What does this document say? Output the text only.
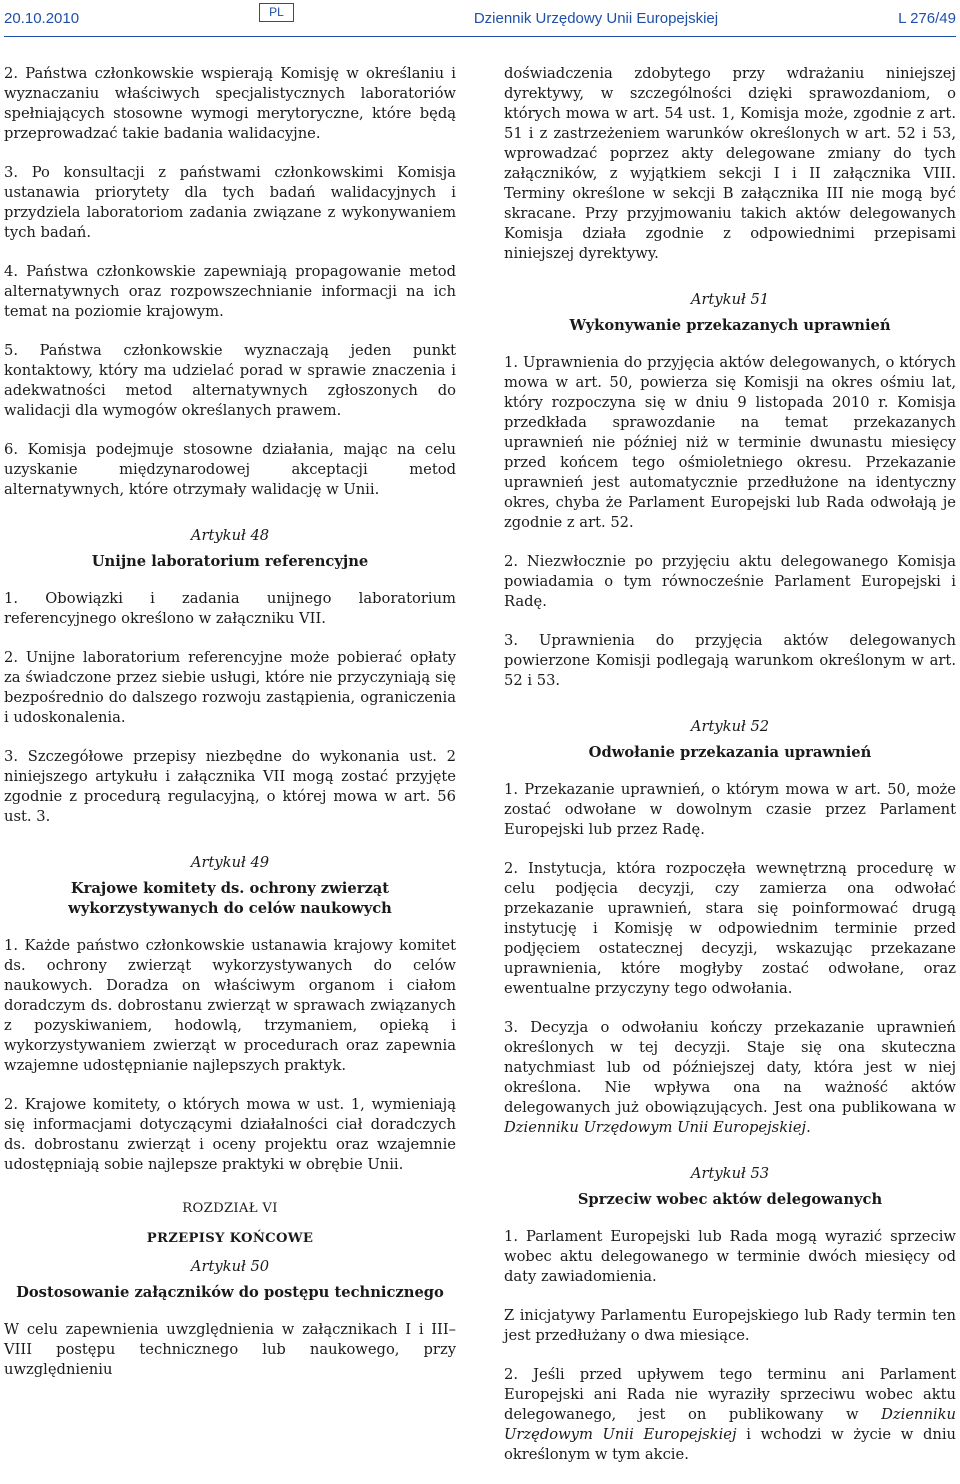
20.10.2010	PL	Dziennik Urzędowy Unii Europejskiej	L 276/49

2. Państwa członkowskie wspierają Komisję w określaniu i wyznaczaniu właściwych specjalistycznych laboratoriów spełniających stosowne wymogi merytoryczne, które będą przeprowadzać takie badania walidacyjne.

3. Po konsultacji z państwami członkowskimi Komisja ustanawia priorytety dla tych badań walidacyjnych i przydziela laboratoriom zadania związane z wykonywaniem tych badań.

4. Państwa członkowskie zapewniają propagowanie metod alternatywnych oraz rozpowszechnianie informacji na ich temat na poziomie krajowym.

5. Państwa członkowskie wyznaczają jeden punkt kontaktowy, który ma udzielać porad w sprawie znaczenia i adekwatności metod alternatywnych zgłoszonych do walidacji dla wymogów określanych prawem.

6. Komisja podejmuje stosowne działania, mając na celu uzyskanie międzynarodowej akceptacji metod alternatywnych, które otrzymały walidację w Unii.

Artykuł 48
Unijne laboratorium referencyjne

1. Obowiązki i zadania unijnego laboratorium referencyjnego określono w załączniku VII.

2. Unijne laboratorium referencyjne może pobierać opłaty za świadczone przez siebie usługi, które nie przyczyniają się bezpośrednio do dalszego rozwoju zastąpienia, ograniczenia i udoskonalenia.

3. Szczegółowe przepisy niezbędne do wykonania ust. 2 niniejszego artykułu i załącznika VII mogą zostać przyjęte zgodnie z procedurą regulacyjną, o której mowa w art. 56 ust. 3.

Artykuł 49
Krajowe komitety ds. ochrony zwierząt wykorzystywanych do celów naukowych

1. Każde państwo członkowskie ustanawia krajowy komitet ds. ochrony zwierząt wykorzystywanych do celów naukowych. Doradza on właściwym organom i ciałom doradczym ds. dobrostanu zwierząt w sprawach związanych z pozyskiwaniem, hodowlą, trzymaniem, opieką i wykorzystywaniem zwierząt w procedurach oraz zapewnia wzajemne udostępnianie najlepszych praktyk.

2. Krajowe komitety, o których mowa w ust. 1, wymieniają się informacjami dotyczącymi działalności ciał doradczych ds. dobrostanu zwierząt i oceny projektu oraz wzajemnie udostępniają sobie najlepsze praktyki w obrębie Unii.

ROZDZIAŁ VI
PRZEPISY KOŃCOWE
Artykuł 50
Dostosowanie załączników do postępu technicznego

W celu zapewnienia uwzględnienia w załącznikach I i III–VIII postępu technicznego lub naukowego, przy uwzględnieniu

doświadczenia zdobytego przy wdrażaniu niniejszej dyrektywy, w szczególności dzięki sprawozdaniom, o których mowa w art. 54 ust. 1, Komisja może, zgodnie z art. 51 i z zastrzeżeniem warunków określonych w art. 52 i 53, wprowadzać poprzez akty delegowane zmiany do tych załączników, z wyjątkiem sekcji I i II załącznika VIII. Terminy określone w sekcji B załącznika III nie mogą być skracane. Przy przyjmowaniu takich aktów delegowanych Komisja działa zgodnie z odpowiednimi przepisami niniejszej dyrektywy.

Artykuł 51
Wykonywanie przekazanych uprawnień

1. Uprawnienia do przyjęcia aktów delegowanych, o których mowa w art. 50, powierza się Komisji na okres ośmiu lat, który rozpoczyna się w dniu 9 listopada 2010 r. Komisja przedkłada sprawozdanie na temat przekazanych uprawnień nie później niż w terminie dwunastu miesięcy przed końcem tego ośmioletniego okresu. Przekazanie uprawnień jest automatycznie przedłużone na identyczny okres, chyba że Parlament Europejski lub Rada odwołają je zgodnie z art. 52.

2. Niezwłocznie po przyjęciu aktu delegowanego Komisja powiadamia o tym równocześnie Parlament Europejski i Radę.

3. Uprawnienia do przyjęcia aktów delegowanych powierzone Komisji podlegają warunkom określonym w art. 52 i 53.

Artykuł 52
Odwołanie przekazania uprawnień

1. Przekazanie uprawnień, o którym mowa w art. 50, może zostać odwołane w dowolnym czasie przez Parlament Europejski lub przez Radę.

2. Instytucja, która rozpoczęła wewnętrzną procedurę w celu podjęcia decyzji, czy zamierza ona odwołać przekazanie uprawnień, stara się poinformować drugą instytucję i Komisję w odpowiednim terminie przed podjęciem ostatecznej decyzji, wskazując przekazane uprawnienia, które mogłyby zostać odwołane, oraz ewentualne przyczyny tego odwołania.

3. Decyzja o odwołaniu kończy przekazanie uprawnień określonych w tej decyzji. Staje się ona skuteczna natychmiast lub od późniejszej daty, która jest w niej określona. Nie wpływa ona na ważność aktów delegowanych już obowiązujących. Jest ona publikowana w Dzienniku Urzędowym Unii Europejskiej.

Artykuł 53
Sprzeciw wobec aktów delegowanych

1. Parlament Europejski lub Rada mogą wyrazić sprzeciw wobec aktu delegowanego w terminie dwóch miesięcy od daty zawiadomienia.

Z inicjatywy Parlamentu Europejskiego lub Rady termin ten jest przedłużany o dwa miesiące.

2. Jeśli przed upływem tego terminu ani Parlament Europejski ani Rada nie wyraziły sprzeciwu wobec aktu delegowanego, jest on publikowany w Dzienniku Urzędowym Unii Europejskiej i wchodzi w życie w dniu określonym w tym akcie.
